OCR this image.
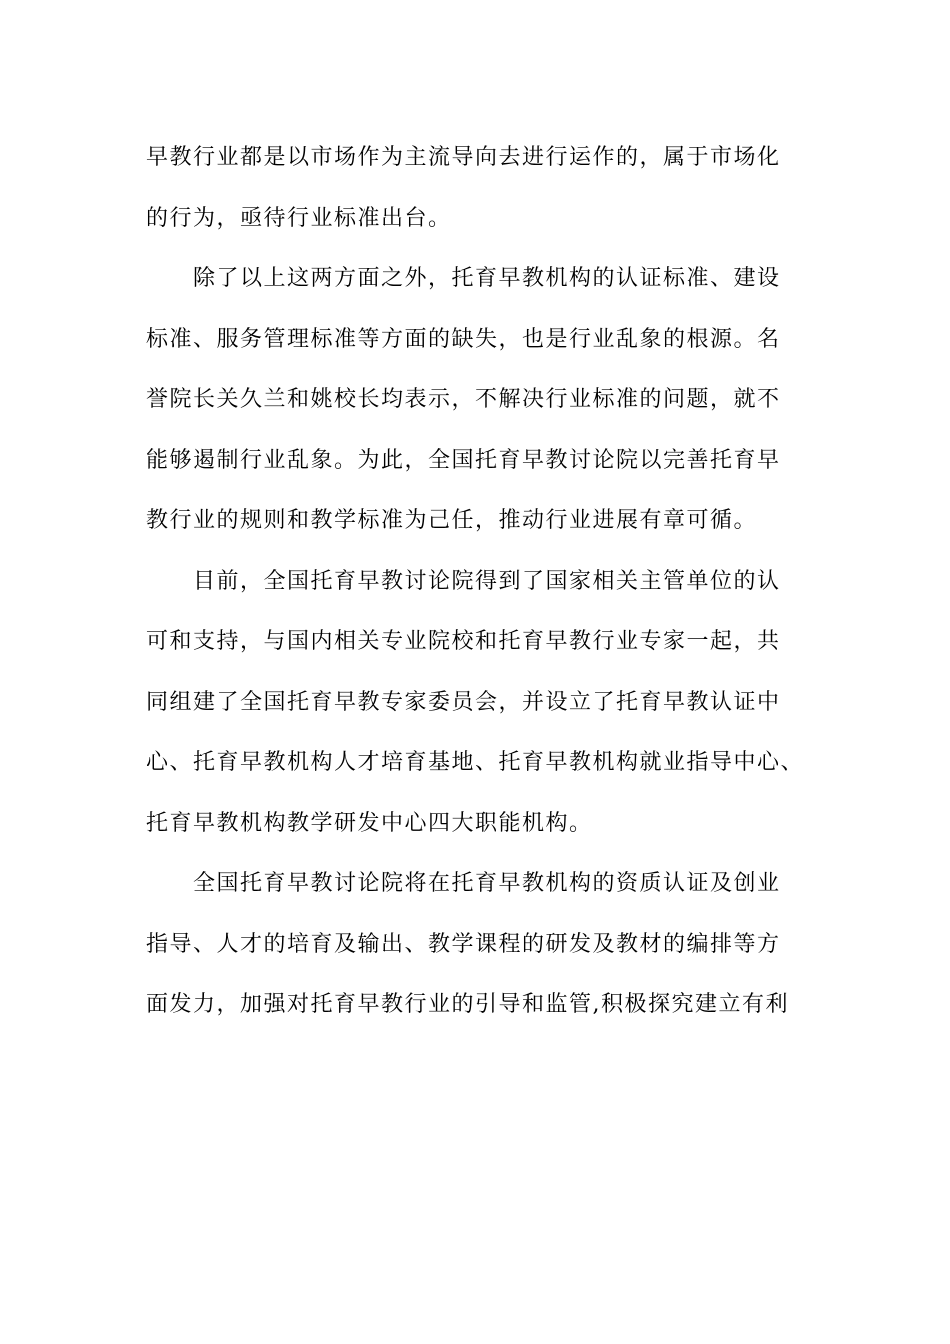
早教行业都是以市场作为主流导向去进行运作的，属于市场化
的行为，亟待行业标准出台。
除了以上这两方面之外，托育早教机构的认证标准、建设
标准、服务管理标准等方面的缺失，也是行业乱象的根源。名
誉院长关久兰和姚校长均表示，不解决行业标准的问题，就不
能够遏制行业乱象。为此，全国托育早教讨论院以完善托育早
教行业的规则和教学标准为己任，推动行业进展有章可循。
目前，全国托育早教讨论院得到了国家相关主管单位的认
可和支持，与国内相关专业院校和托育早教行业专家一起，共
同组建了全国托育早教专家委员会，并设立了托育早教认证中
心、托育早教机构人才培育基地、托育早教机构就业指导中心、
托育早教机构教学研发中心四大职能机构。
全国托育早教讨论院将在托育早教机构的资质认证及创业
指导、人才的培育及输出、教学课程的研发及教材的编排等方
面发力，加强对托育早教行业的引导和监管,积极探究建立有利
